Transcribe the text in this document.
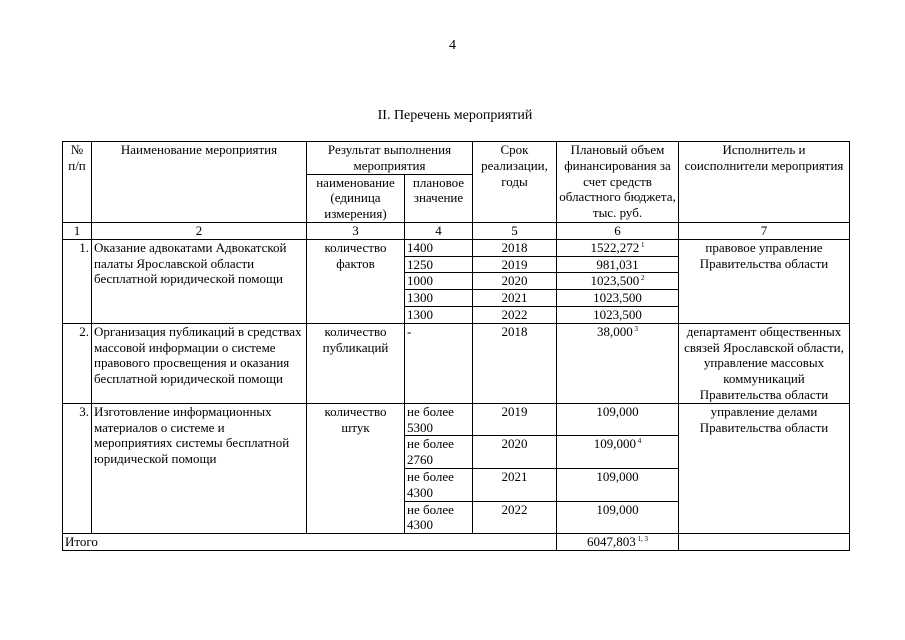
4
II. Перечень мероприятий
№
п/п	Наименование мероприятия	Результат выполнения мероприятия		Срок реализации, годы	Плановый объем финансирования за счет средств областного бюджета, тыс. руб.	Исполнитель и соисполнители мероприятия
		наименование (единица измерения)	плановое значение			
1	2	3	4	5	6	7
1.	Оказание адвокатами Адвокатской палаты Ярославской области бесплатной юридической помощи	количество фактов	1400	2018	1522,272 $^1$	правовое управление Правительства области
			1250	2019	981,031	
			1000	2020	1023,500 $^2$
			1300	2021	1023,500	
			1300	2022	1023,500	
2.	Организация публикаций в средствах массовой информации о системе правового просвещения и оказания бесплатной юридической помощи	количество публикаций	-	2018	38,000 $^3$	департамент общественных связей Ярославской области, управление массовых коммуникаций Правительства области
3.	Изготовление информационных материалов о системе и мероприятиях системы бесплатной юридической помощи	количество штук	не более 5300	2019	109,000	управление делами Правительства области
			не более 2760	2020	109,000 $^4$
			не более 4300	2021	109,000	
			не более 4300	2022	109,000	
Итого					6047,803 $^{1, 3}$	
